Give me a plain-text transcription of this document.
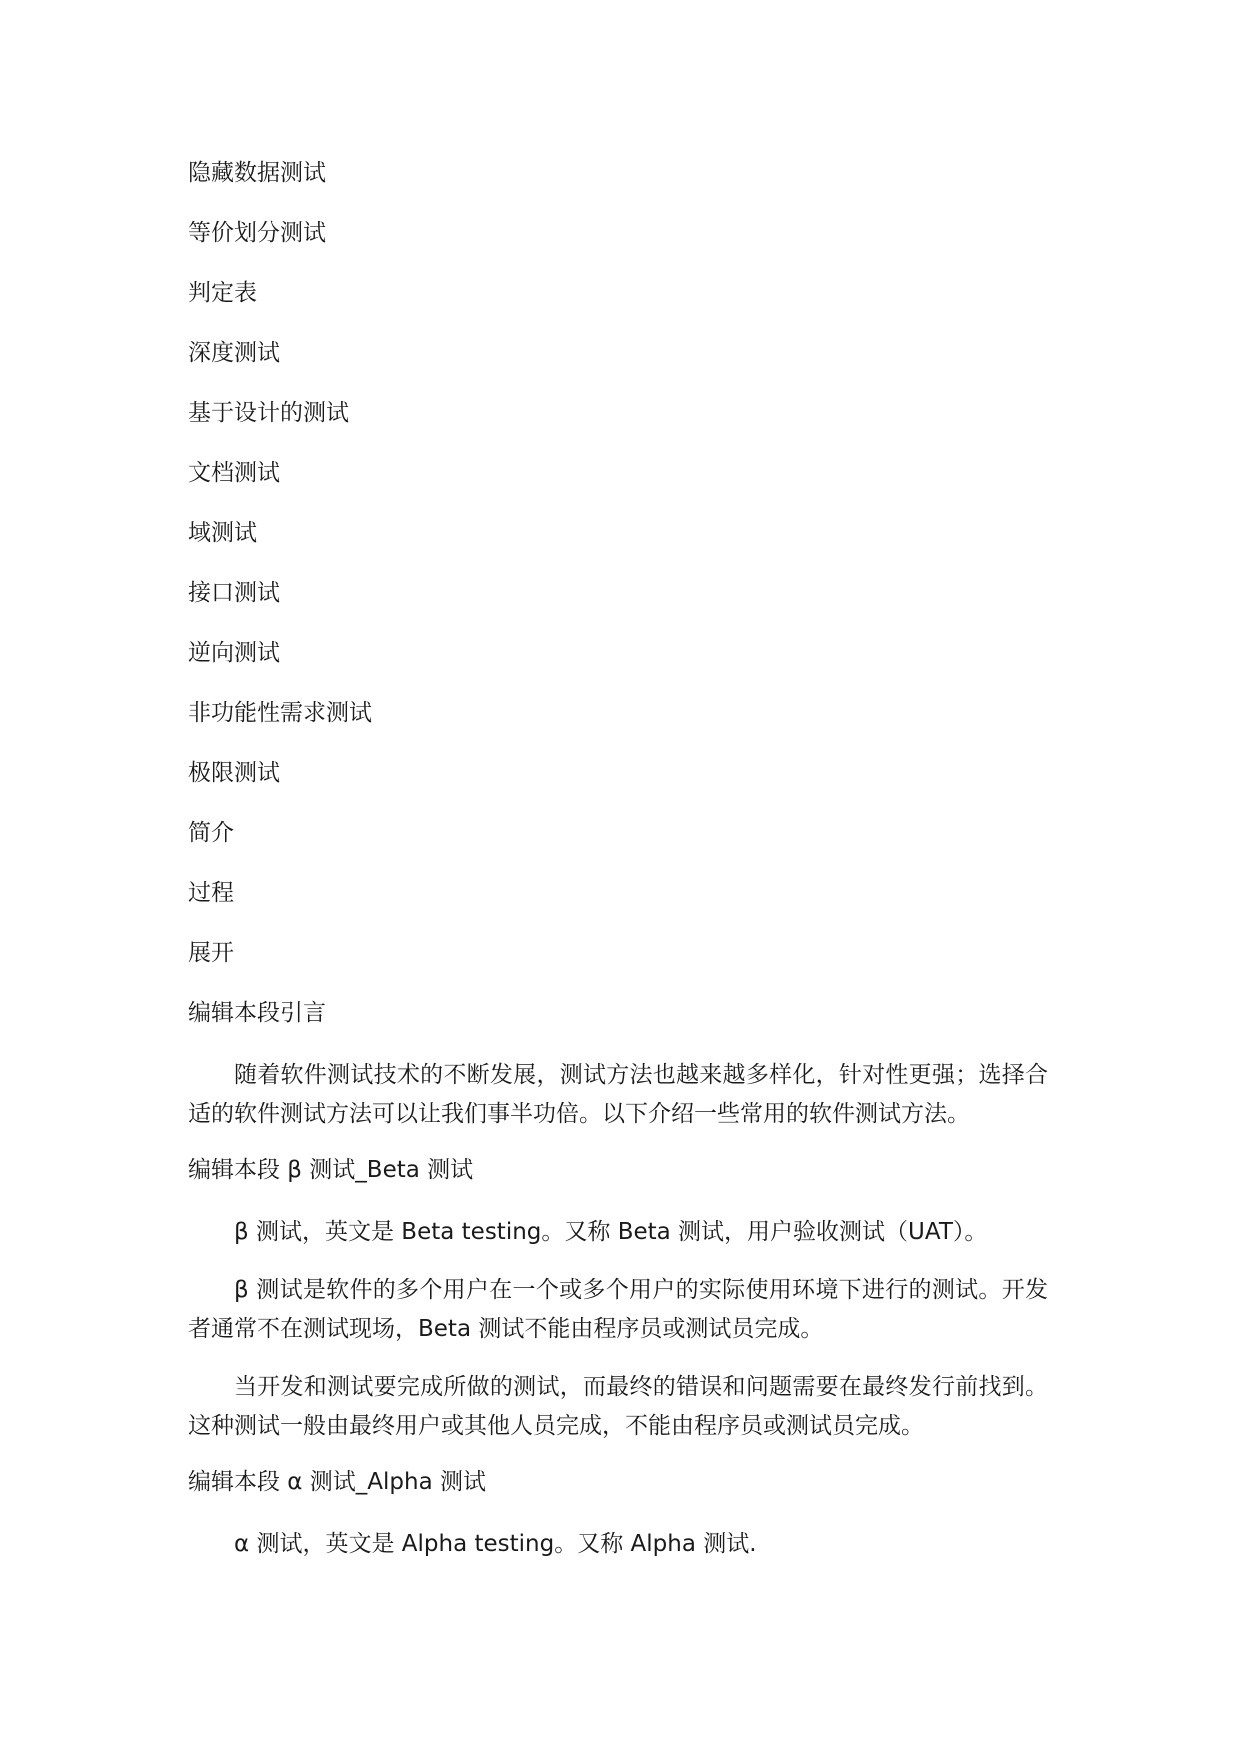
隐藏数据测试
等价划分测试
判定表
深度测试
基于设计的测试
文档测试
域测试
接口测试
逆向测试
非功能性需求测试
极限测试
简介
过程
展开
编辑本段引言

随着软件测试技术的不断发展，测试方法也越来越多样化，针对性更强；选择合适的软件测试方法可以让我们事半功倍。以下介绍一些常用的软件测试方法。

编辑本段 β 测试_Beta 测试

β 测试，英文是 Beta testing。又称 Beta 测试，用户验收测试（UAT）。

β 测试是软件的多个用户在一个或多个用户的实际使用环境下进行的测试。开发者通常不在测试现场，Beta 测试不能由程序员或测试员完成。

当开发和测试要完成所做的测试，而最终的错误和问题需要在最终发行前找到。这种测试一般由最终用户或其他人员完成，不能由程序员或测试员完成。

编辑本段 α 测试_Alpha 测试

α 测试，英文是 Alpha testing。又称 Alpha 测试.
